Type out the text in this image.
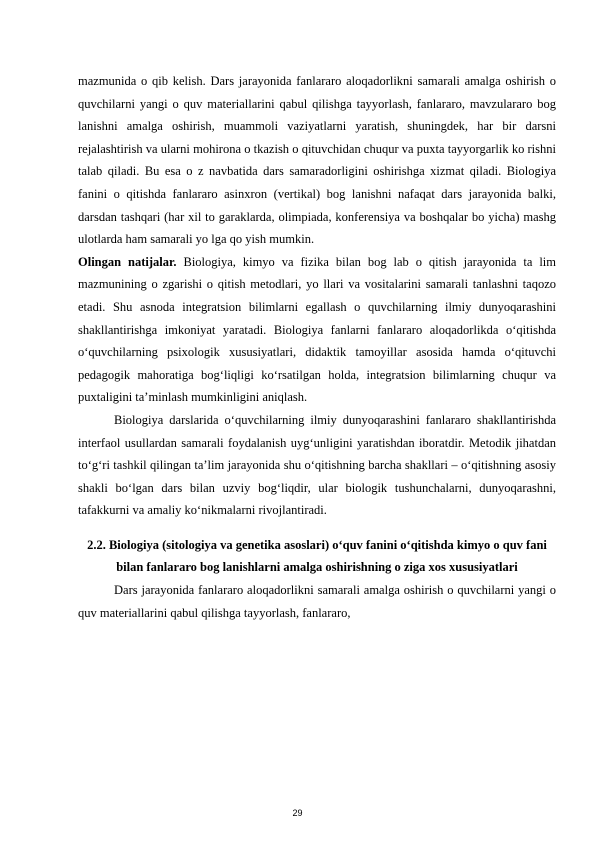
mazmunida o qib kelish. Dars jarayonida fanlararo aloqadorlikni samarali amalga oshirish o quvchilarni yangi o quv materiallarini qabul qilishga tayyorlash, fanlararo, mavzulararo bog lanishni amalga oshirish, muammoli vaziyatlarni yaratish, shuningdek, har bir darsni rejalashtirish va ularni mohirona o tkazish o qituvchidan chuqur va puxta tayyorgarlik ko rishni talab qiladi. Bu esa o z navbatida dars samaradorligini oshirishga xizmat qiladi. Biologiya fanini o qitishda fanlararo asinxron (vertikal) bog lanishni nafaqat dars jarayonida balki, darsdan tashqari (har xil to garaklarda, olimpiada, konferensiya va boshqalar bo yicha) mashg ulotlarda ham samarali yo lga qo yish mumkin.

Olingan natijalar. Biologiya, kimyo va fizika bilan bog lab o qitish jarayonida ta lim mazmunining o zgarishi o qitish metodlari, yo llari va vositalarini samarali tanlashni taqozo etadi. Shu asnoda integratsion bilimlarni egallash o quvchilarning ilmiy dunyoqarashini shakllantirishga imkoniyat yaratadi. Biologiya fanlarni fanlararo aloqadorlikda o‘qitishda o‘quvchilarning psixologik xususiyatlari, didaktik tamoyillar asosida hamda o‘qituvchi pedagogik mahoratiga bog‘liqligi ko‘rsatilgan holda, integratsion bilimlarning chuqur va puxtaligini ta’minlash mumkinligini aniqlash.

Biologiya darslarida o‘quvchilarning ilmiy dunyoqarashini fanlararo shakllantirishda interfaol usullardan samarali foydalanish uyg‘unligini yaratishdan iboratdir. Metodik jihatdan to‘g‘ri tashkil qilingan ta’lim jarayonida shu o‘qitishning barcha shakllari – o‘qitishning asosiy shakli bo‘lgan dars bilan uzviy bog‘liqdir, ular biologik tushunchalarni, dunyoqarashni, tafakkurni va amaliy ko‘nikmalarni rivojlantiradi.

2.2. Biologiya (sitologiya va genetika asoslari) o‘quv fanini o‘qitishda kimyo o quv fani bilan fanlararo bog lanishlarni amalga oshirishning o ziga xos xususiyatlari

Dars jarayonida fanlararo aloqadorlikni samarali amalga oshirish o quvchilarni yangi o quv materiallarini qabul qilishga tayyorlash, fanlararo,

29
